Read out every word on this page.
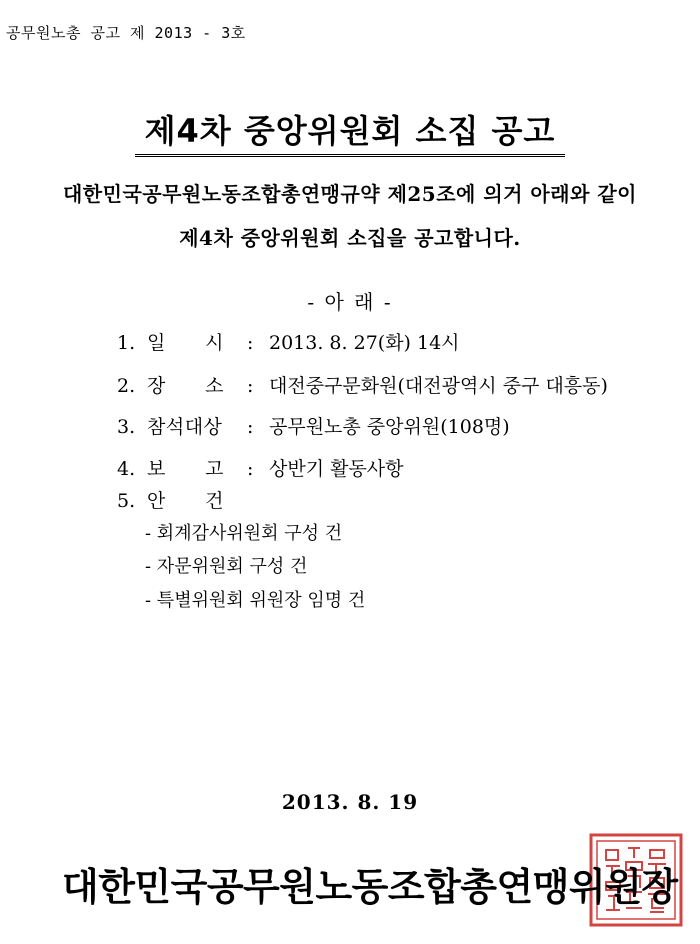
공무원노총 공고 제 2013 - 3호
제4차 중앙위원회 소집 공고
대한민국공무원노동조합총연맹규약 제25조에 의거 아래와 같이
제4차 중앙위원회 소집을 공고합니다.
- 아 래 -
1. 일      시 : 2013. 8. 27(화) 14시
2. 장      소 : 대전중구문화원(대전광역시 중구 대흥동)
3. 참석대상 : 공무원노총 중앙위원(108명)
4. 보      고 : 상반기 활동사항
5. 안      건
- 회계감사위원회 구성 건
- 자문위원회 구성 건
- 특별위원회 위원장 임명 건
2013. 8. 19
대한민국공무원노동조합총연맹위원장
